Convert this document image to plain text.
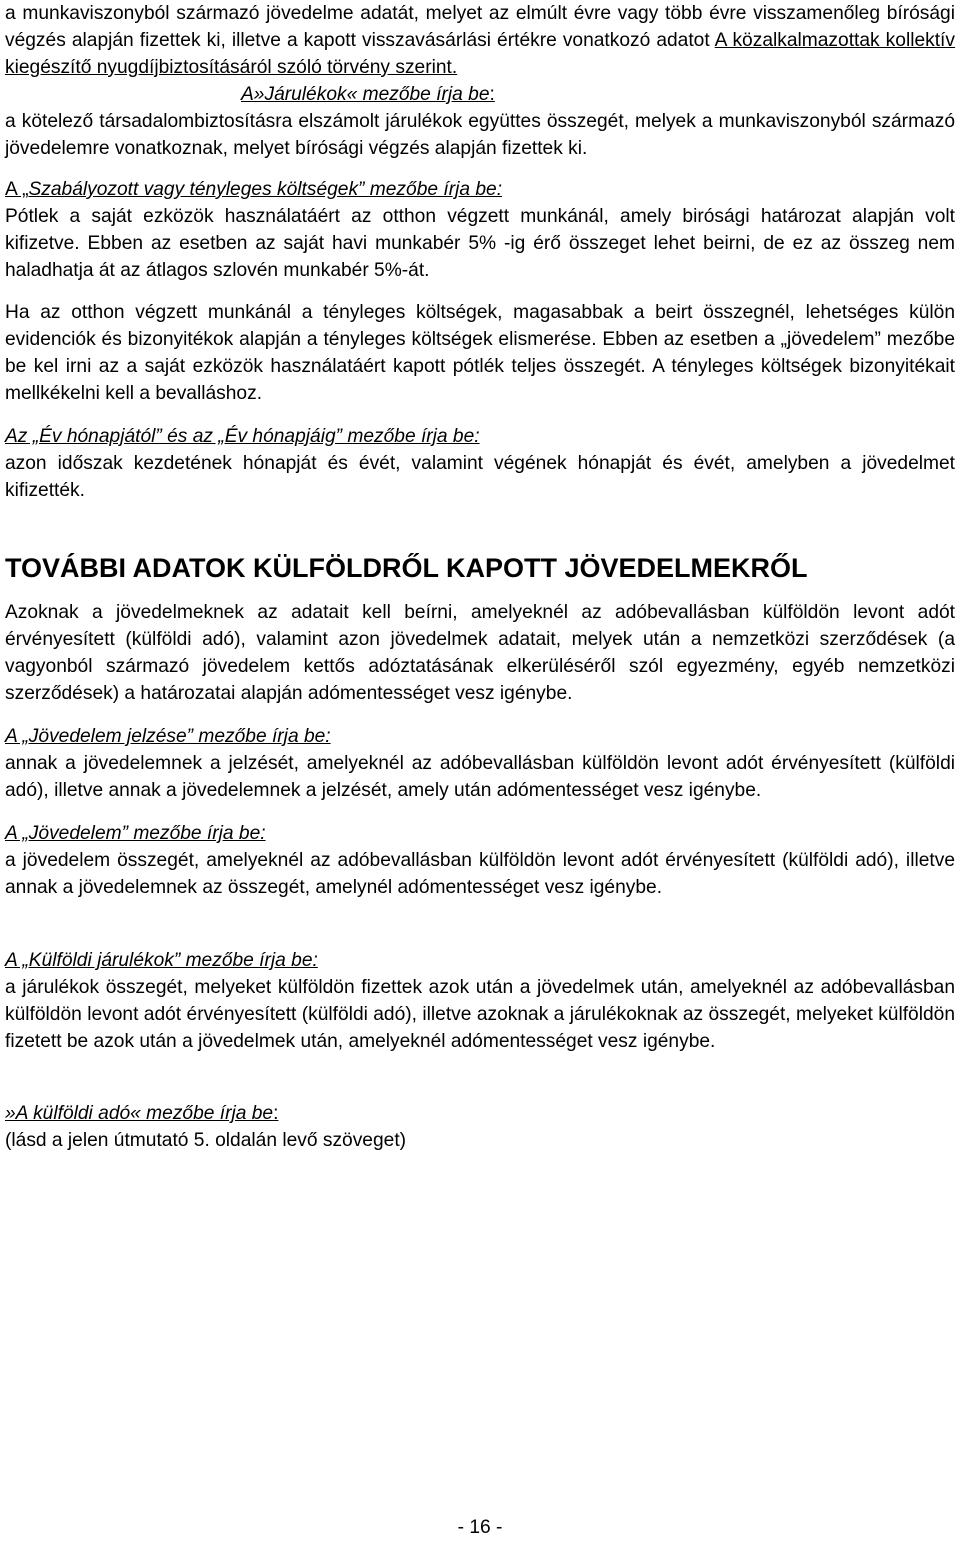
a munkaviszonyból származó jövedelme adatát, melyet az elmúlt évre vagy több évre visszamenőleg bírósági végzés alapján fizettek ki, illetve a kapott visszavásárlási értékre vonatkozó adatot A közalkalmazottak kollektív kiegészítő nyugdíjbiztosításáról szóló törvény szerint.

A»Járulékok« mezőbe írja be:

a kötelező társadalombiztosításra elszámolt járulékok együttes összegét, melyek a munkaviszonyból származó jövedelemre vonatkoznak, melyet bírósági végzés alapján fizettek ki.

A „Szabályozott vagy tényleges költségek” mezőbe írja be:

Pótlek a saját ezközök használatáért az otthon végzett munkánál, amely birósági határozat alapján volt kifizetve. Ebben az esetben az saját havi munkabér 5% -ig érő összeget lehet beirni, de ez az összeg nem haladhatja át az átlagos szlovén munkabér 5%-át.

Ha az otthon végzett munkánál a tényleges költségek, magasabbak a beirt összegnél, lehetséges külön evidenciók és bizonyitékok alapján a tényleges költségek elismerése. Ebben az esetben a „jövedelem” mezőbe be kel irni az a saját ezközök használatáért kapott pótlék teljes összegét. A tényleges költségek bizonyitékait mellkékelni kell a bevalláshoz.

Az „Év hónapjától” és az „Év hónapjáig” mezőbe írja be:

azon időszak kezdetének hónapját és évét, valamint végének hónapját és évét, amelyben a jövedelmet kifizették.

TOVÁBBI ADATOK KÜLFÖLDRŐL KAPOTT JÖVEDELMEKRŐL

Azoknak a jövedelmeknek az adatait kell beírni, amelyeknél az adóbevallásban külföldön levont adót érvényesített (külföldi adó), valamint azon jövedelmek adatait, melyek után a nemzetközi szerződések (a vagyonból származó jövedelem kettős adóztatásának elkerüléséről szól egyezmény, egyéb nemzetközi szerződések) a határozatai alapján adómentességet vesz igénybe.

A „Jövedelem jelzése” mezőbe írja be:

annak a jövedelemnek a jelzését, amelyeknél az adóbevallásban külföldön levont adót érvényesített (külföldi adó), illetve annak a jövedelemnek a jelzését, amely után adómentességet vesz igénybe.

A „Jövedelem” mezőbe írja be:

a jövedelem összegét, amelyeknél az adóbevallásban külföldön levont adót érvényesített (külföldi adó), illetve annak a jövedelemnek az összegét, amelynél adómentességet vesz igénybe.

A „Külföldi járulékok” mezőbe írja be:

a járulékok összegét, melyeket külföldön fizettek azok után a jövedelmek után, amelyeknél az adóbevallásban külföldön levont adót érvényesített (külföldi adó), illetve azoknak a járulékoknak az összegét, melyeket külföldön fizetett be azok után a jövedelmek után, amelyeknél adómentességet vesz igénybe.

»A külföldi adó« mezőbe írja be:

(lásd a jelen útmutató 5. oldalán levő szöveget)

- 16 -
